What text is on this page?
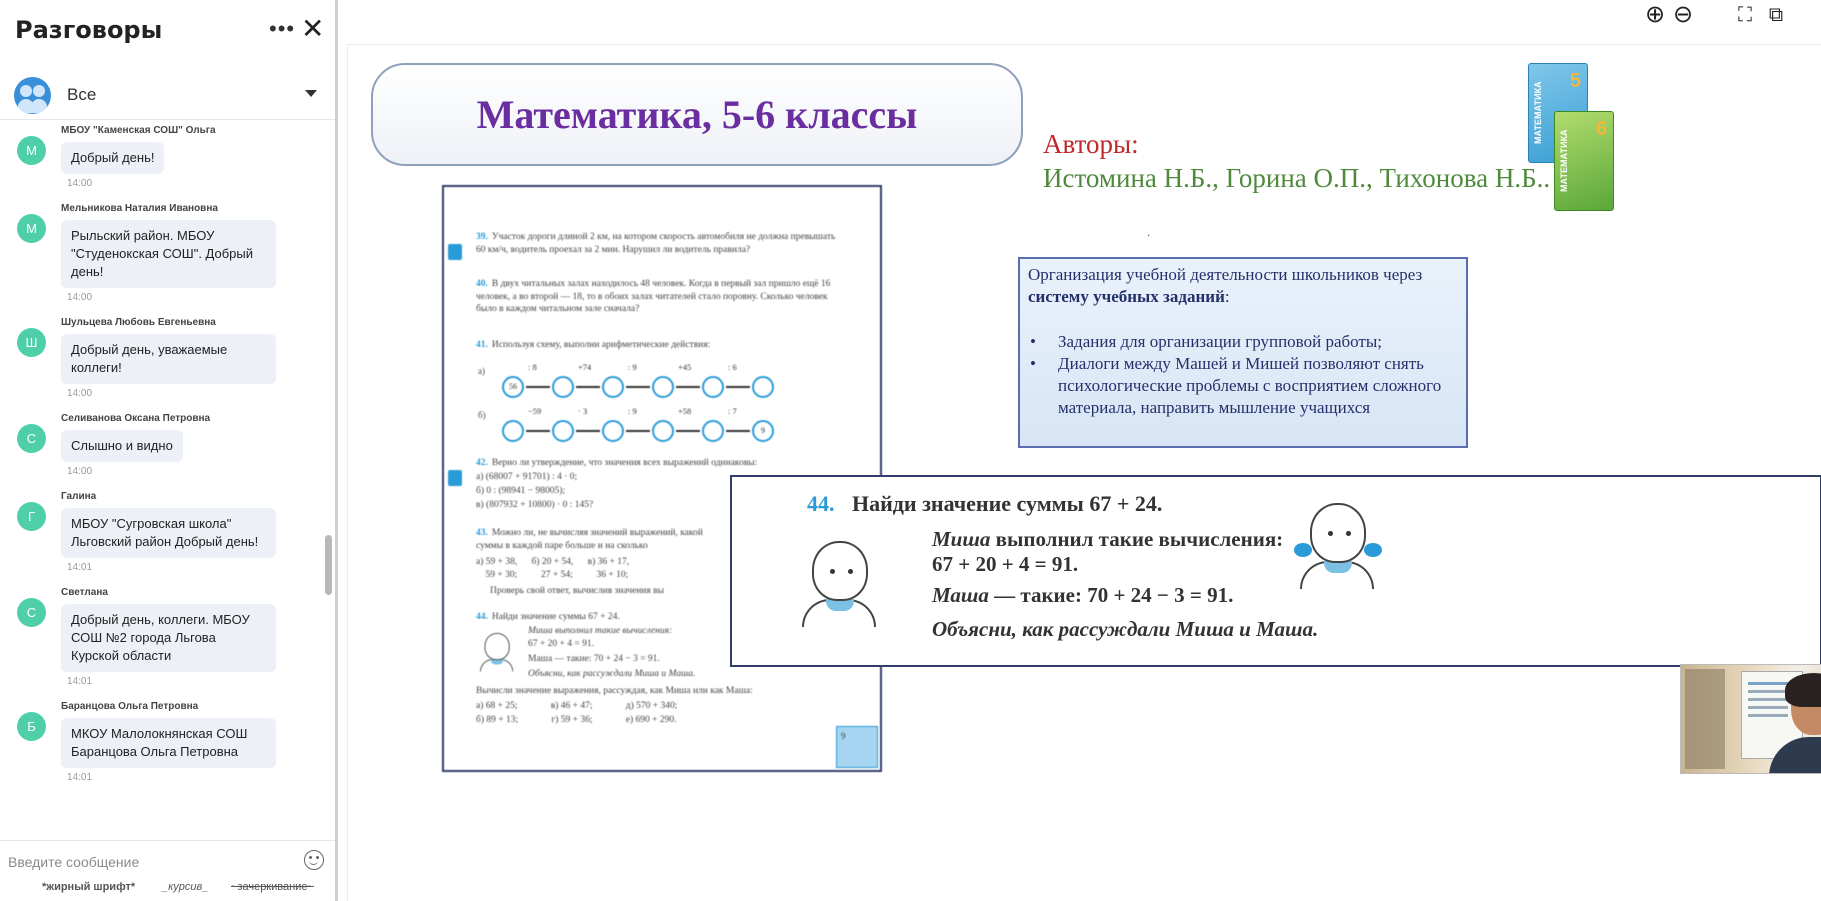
Разговоры	••• ✕
Все
М
МБОУ "Каменская СОШ" Ольга
Добрый день!
14:00
М
Мельникова Наталия Ивановна
Рыльский район. МБОУ "Студенокская СОШ". Добрый день!
14:00
Ш
Шульцева Любовь Евгеньевна
Добрый день, уважаемые коллеги!
14:00
С
Селиванова Оксана Петровна
Слышно и видно
14:00
Г
Галина
МБОУ "Сугровская школа" Льговский район Добрый день!
14:01
С
Светлана
Добрый день, коллеги. МБОУ СОШ №2 города Льгова Курской области
14:01
Б
Баранцова Ольга Петровна
МКОУ Малолокнянская СОШ Баранцова Ольга Петровна
14:01
Введите сообщение
*жирный шрифт* _курсив_ ~зачеркивание~
⊕ ⊖ ⛶ ⧉
Математика, 5-6 классы
Авторы:
Истомина Н.Б., Горина О.П., Тихонова Н.Б..
.
5
МАТЕМАТИКА	6
МАТЕМАТИКА
Организация учебной деятельности школьников через систему учебных заданий:
• Задания для организации групповой работы;
• Диалоги между Машей и Мишей позволяют снять психологические проблемы с восприятием сложного материала, направить мышление учащихся
39. Участок дороги длиной 2 км, на котором скорость автомобиля не должна превышать 60 км/ч, водитель проехал за 2 мин. Нарушил ли водитель правила?
40. В двух читальных залах находилось 48 человек. Когда в первый зал пришло ещё 16 человек, а во второй — 18, то в обоих залах читателей стало поровну. Сколько человек было в каждом читальном зале сначала?
41. Используя схему, выполни арифметические действия:
а)
56
: 8	+74	: 9	+45	: 6
б)	−59	· 3	: 9	+58	: 7
9
42. Верно ли утверждение, что значения всех выражений одинаковы:
а) (68007 + 91701) : 4 · 0;
б) 0 : (98941 − 98005);
в) (807932 + 10800) · 0 : 145?
43. Можно ли, не вычисляя значений выражений, какой суммы в каждой паре больше и на сколько
а) 59 + 38,      б) 20 + 54,      в) 36 + 17,
59 + 30;          27 + 54;          36 + 10;
Проверь свой ответ, вычислив значения вы
44. Найди значение суммы 67 + 24.
Миша выполнил такие вычисления:
67 + 20 + 4 = 91.
Маша — такие: 70 + 24 − 3 = 91.
Объясни, как рассуждали Миша и Маша.
Вычисли значение выражения, рассуждая, как Миша или как Маша:
а) 68 + 25;              в) 46 + 47;              д) 570 + 340;
б) 89 + 13;              г) 59 + 36;              е) 690 + 290.
9
44. Найди значение суммы 67 + 24.
Миша выполнил такие вычисления:
67 + 20 + 4 = 91.
Маша — такие: 70 + 24 − 3 = 91.
Объясни, как рассуждали Миша и Маша.
